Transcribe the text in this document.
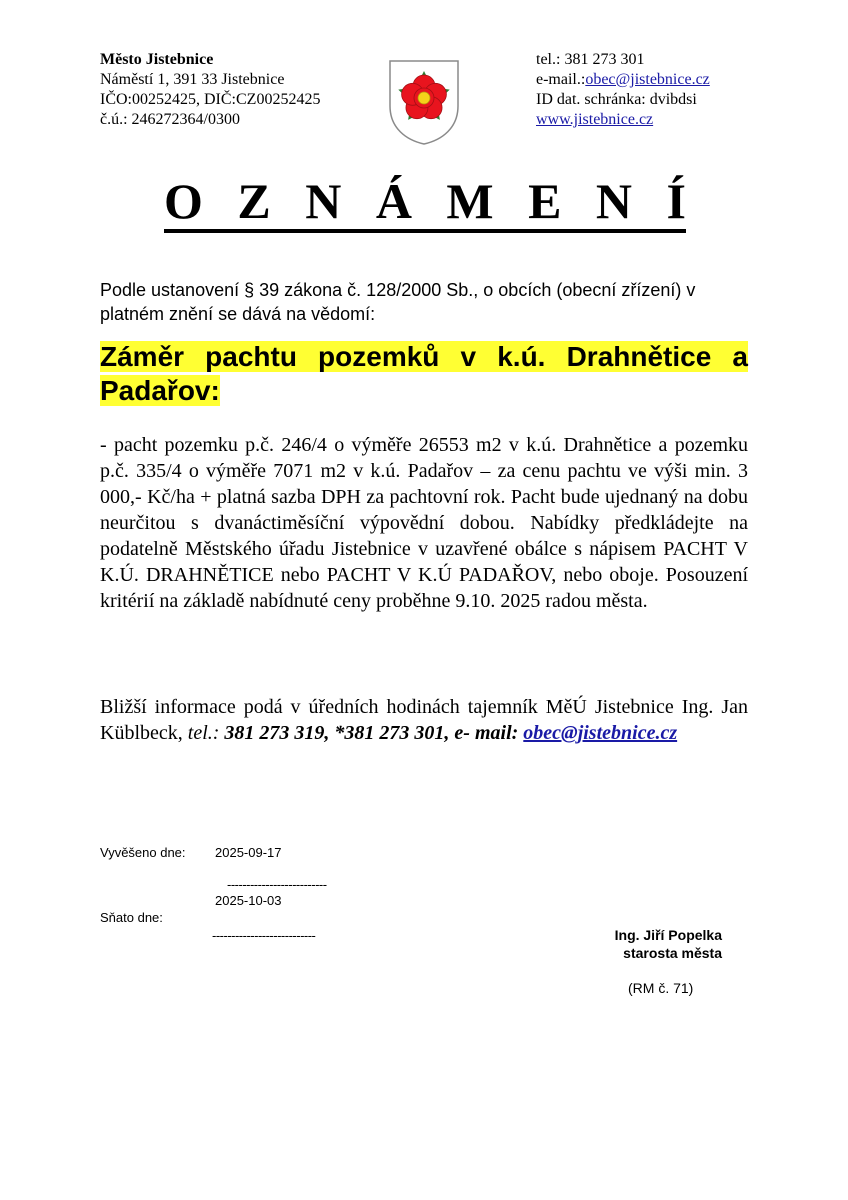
Město Jistebnice
Náměstí 1, 391 33 Jistebnice
IČO:00252425, DIČ:CZ00252425
č.ú.: 246272364/0300
tel.: 381 273 301
e-mail.:obec@jistebnice.cz
ID dat. schránka: dvibdsi
www.jistebnice.cz
O Z N Á M E N Í
Podle ustanovení § 39 zákona č. 128/2000 Sb., o obcích (obecní zřízení) v platném znění se dává na vědomí:
Záměr pachtu pozemků v k.ú. Drahnětice a Padařov:
- pacht pozemku p.č. 246/4 o výměře 26553 m2 v k.ú. Drahnětice a pozemku p.č. 335/4 o výměře 7071 m2 v k.ú. Padařov – za cenu pachtu ve výši min. 3 000,- Kč/ha + platná sazba DPH za pachtovní rok. Pacht bude ujednaný na dobu neurčitou s dvanáctiměsíční výpovědní dobou. Nabídky předkládejte na podatelně Městského úřadu Jistebnice v uzavřené obálce s nápisem PACHT V K.Ú. DRAHNĚTICE nebo PACHT V K.Ú PADAŘOV, nebo oboje. Posouzení kritérií na základě nabídnuté ceny proběhne 9.10. 2025 radou města.
Bližší informace podá v úředních hodinách tajemník MěÚ Jistebnice Ing. Jan Küblbeck, tel.: 381 273 319, *381 273 301, e- mail: obec@jistebnice.cz
Vyvěšeno dne: 2025-09-17
--------------------------
2025-10-03
Sňato dne:
---------------------------	Ing. Jiří Popelka
starosta města
(RM č. 71)
